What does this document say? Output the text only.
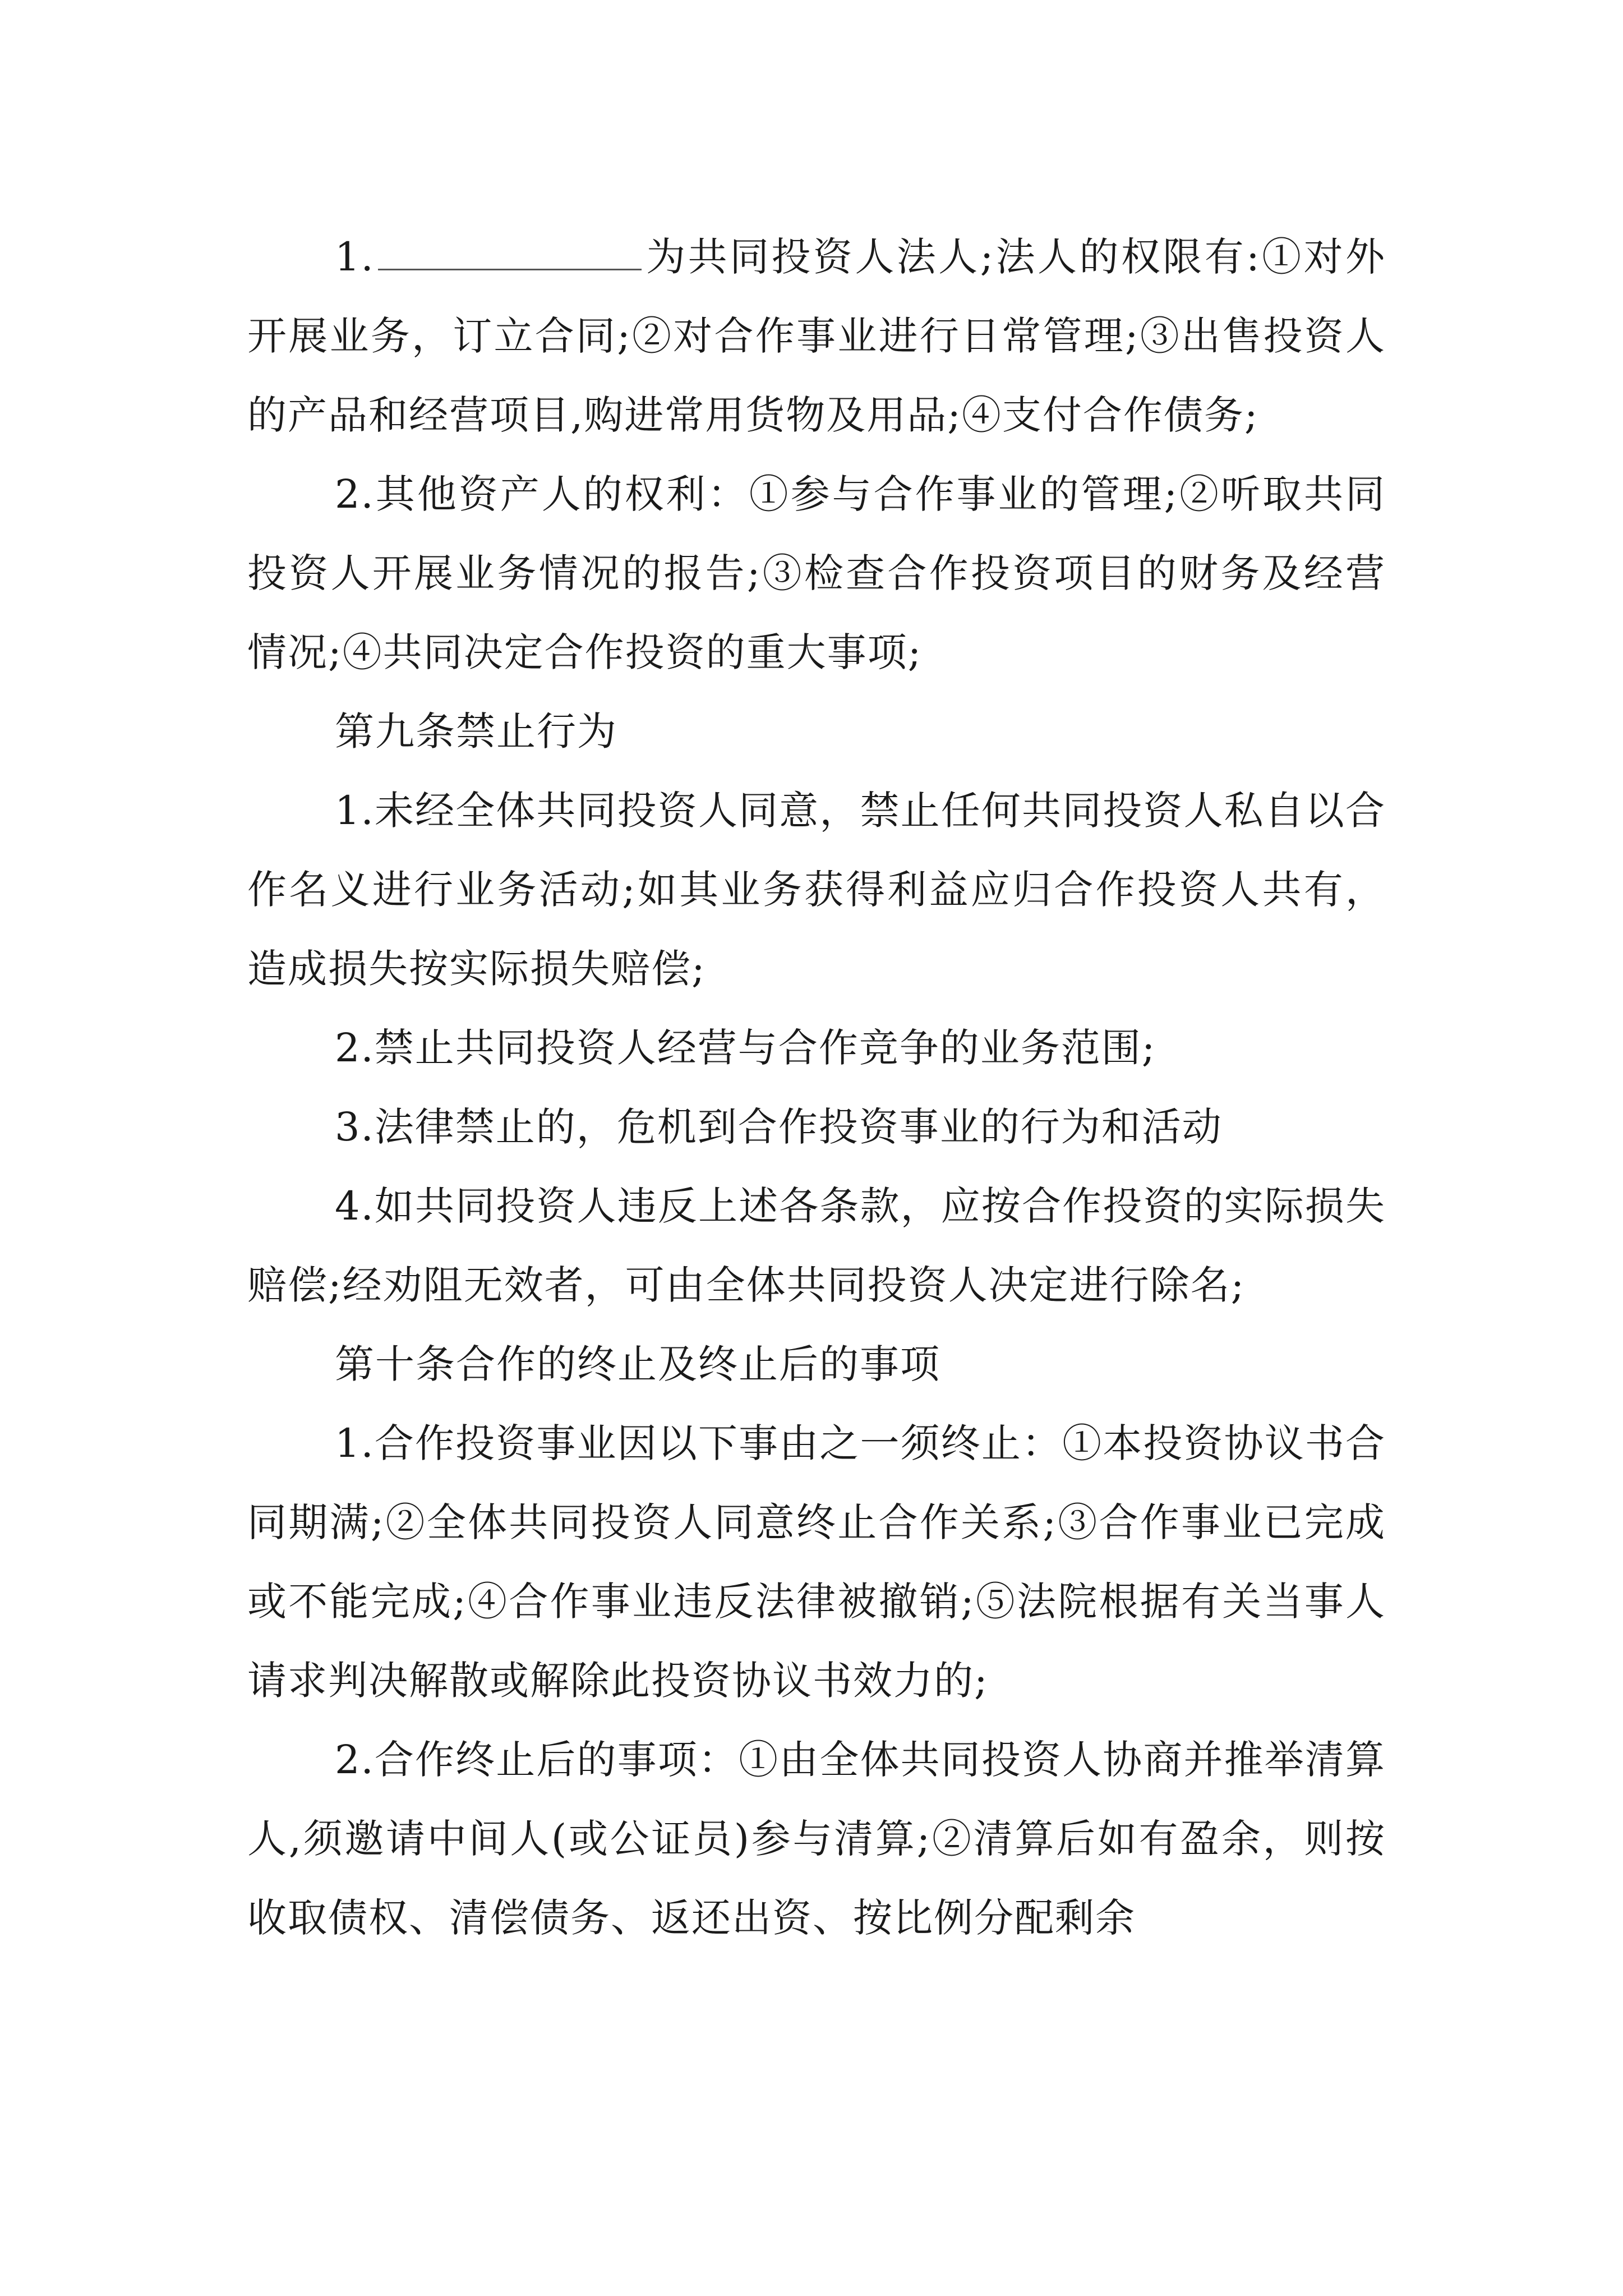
1.	为共同投资人法人;法人的权限有:①对外开展业务，订立合同;②对合作事业进行日常管理;③出售投资人的产品和经营项目,购进常用货物及用品;④支付合作债务;

2.其他资产人的权利：①参与合作事业的管理;②听取共同投资人开展业务情况的报告;③检查合作投资项目的财务及经营情况;④共同决定合作投资的重大事项;

第九条禁止行为

1.未经全体共同投资人同意，禁止任何共同投资人私自以合作名义进行业务活动;如其业务获得利益应归合作投资人共有，造成损失按实际损失赔偿;

2.禁止共同投资人经营与合作竞争的业务范围;

3.法律禁止的，危机到合作投资事业的行为和活动

4.如共同投资人违反上述各条款，应按合作投资的实际损失赔偿;经劝阻无效者，可由全体共同投资人决定进行除名;

第十条合作的终止及终止后的事项

1.合作投资事业因以下事由之一须终止：①本投资协议书合同期满;②全体共同投资人同意终止合作关系;③合作事业已完成或不能完成;④合作事业违反法律被撤销;⑤法院根据有关当事人请求判决解散或解除此投资协议书效力的;

2.合作终止后的事项：①由全体共同投资人协商并推举清算人,须邀请中间人(或公证员)参与清算;②清算后如有盈余，则按收取债权、清偿债务、返还出资、按比例分配剩余
